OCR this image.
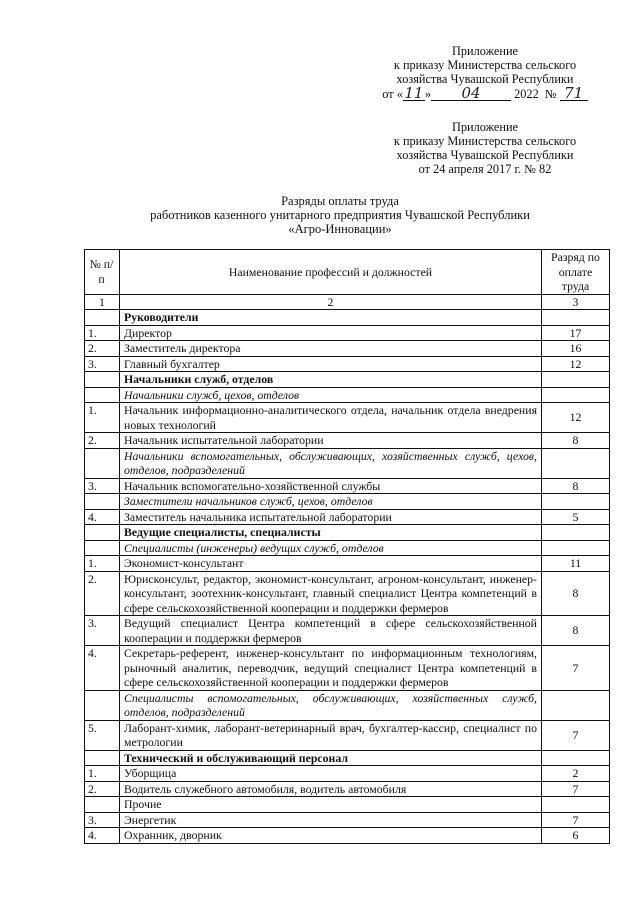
Приложение
к приказу Министерства сельского
хозяйства Чувашской Республики
от «11» 04	2022 № 71
Приложение
к приказу Министерства сельского
хозяйства Чувашской Республики
от 24 апреля 2017 г. № 82
Разряды оплаты труда
работников казенного унитарного предприятия Чувашской Республики
«Агро-Инновации»
№ п/п	Наименование профессий и должностей	Разряд по оплате труда
1	2	3
	Руководители	
1.	Директор	17
2.	Заместитель директора	16
3.	Главный бухгалтер	12
	Начальники служб, отделов	
	Начальники служб, цехов, отделов	
1.	Начальник информационно-аналитического отдела, начальник отдела внедрения новых технологий	12
2.	Начальник испытательной лаборатории	8
	Начальники вспомогательных, обслуживающих, хозяйственных служб, цехов, отделов, подразделений	
3.	Начальник вспомогательно-хозяйственной службы	8
	Заместители начальников служб, цехов, отделов	
4.	Заместитель начальника испытательной лаборатории	5
	Ведущие специалисты, специалисты	
	Специалисты (инженеры) ведущих служб, отделов	
1.	Экономист-консультант	11
2.	Юрисконсульт, редактор, экономист-консультант, агроном-консультант, инженер-консультант, зоотехник-консультант, главный специалист Центра компетенций в сфере сельскохозяйственной кооперации и поддержки фермеров	8
3.	Ведущий специалист Центра компетенций в сфере сельскохозяйственной кооперации и поддержки фермеров	8
4.	Секретарь-референт, инженер-консультант по информационным технологиям, рыночный аналитик, переводчик, ведущий специалист Центра компетенций в сфере сельскохозяйственной кооперации и поддержки фермеров	7
	Специалисты вспомогательных, обслуживающих, хозяйственных служб, отделов, подразделений	
5.	Лаборант-химик, лаборант-ветеринарный врач, бухгалтер-кассир, специалист по метрологии	7
	Технический и обслуживающий персонал	
1.	Уборщица	2
2.	Водитель служебного автомобиля, водитель автомобиля	7
	Прочие	
3.	Энергетик	7
4.	Охранник, дворник	6
